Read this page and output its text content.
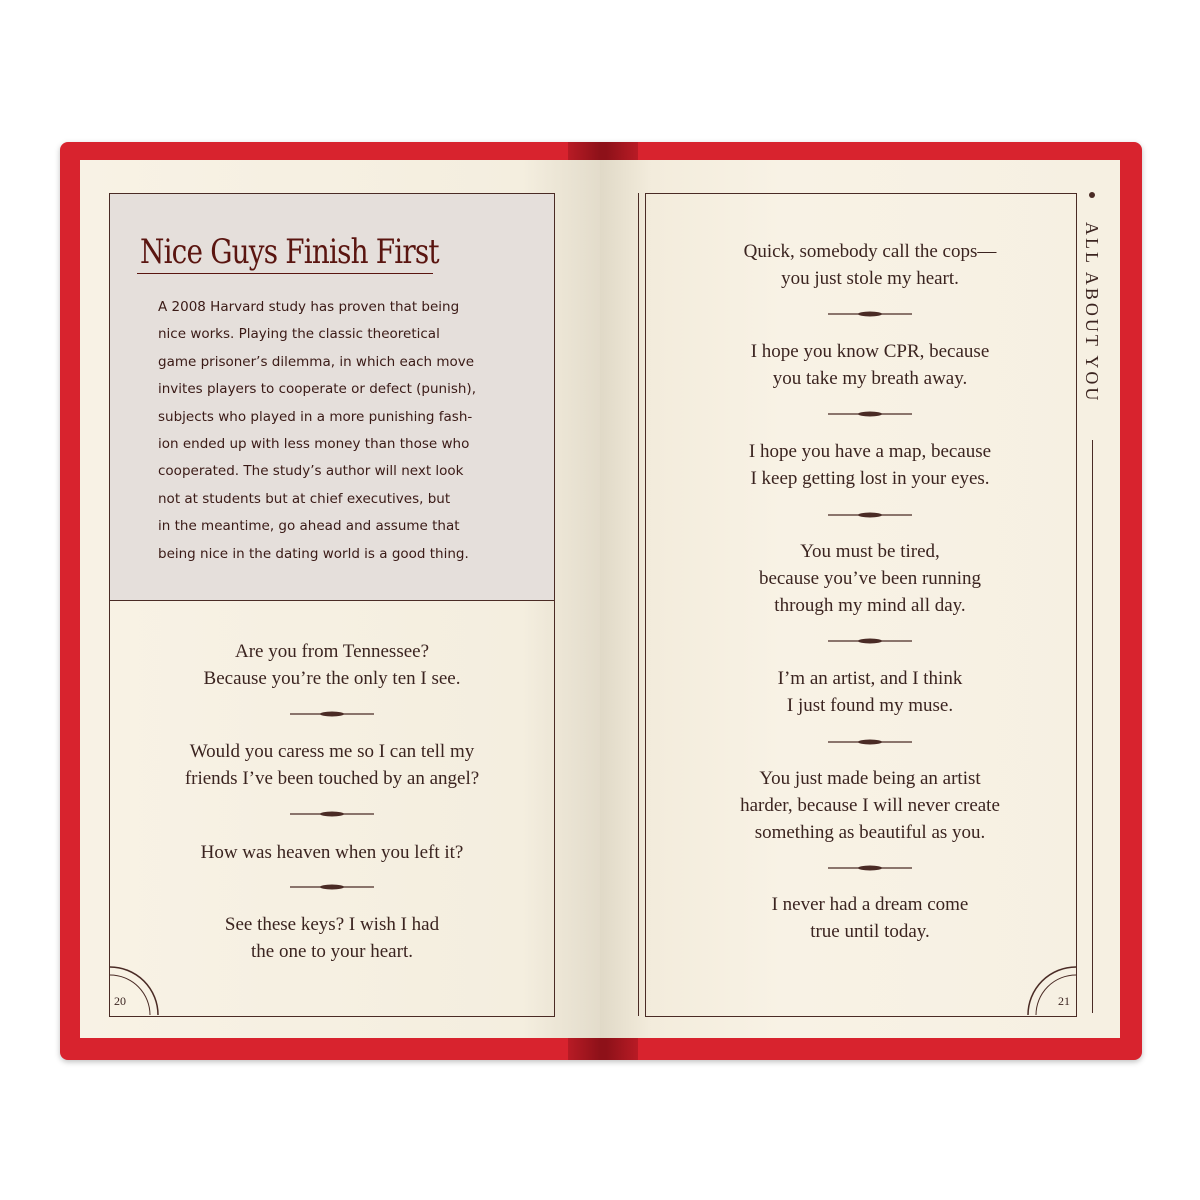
Nice Guys Finish First
A 2008 Harvard study has proven that being
nice works. Playing the classic theoretical
game prisoner’s dilemma, in which each move
invites players to cooperate or defect (punish),
subjects who played in a more punishing fash-
ion ended up with less money than those who
cooperated. The study’s author will next look
not at students but at chief executives, but
in the meantime, go ahead and assume that
being nice in the dating world is a good thing.
Are you from Tennessee?
Because you’re the only ten I see.
Would you caress me so I can tell my
friends I’ve been touched by an angel?
How was heaven when you left it?
See these keys? I wish I had
the one to your heart.
20
Quick, somebody call the cops—
you just stole my heart.
I hope you know CPR, because
you take my breath away.
I hope you have a map, because
I keep getting lost in your eyes.
You must be tired,
because you’ve been running
through my mind all day.
I’m an artist, and I think
I just found my muse.
You just made being an artist
harder, because I will never create
something as beautiful as you.
I never had a dream come
true until today.
ALL ABOUT YOU
21
